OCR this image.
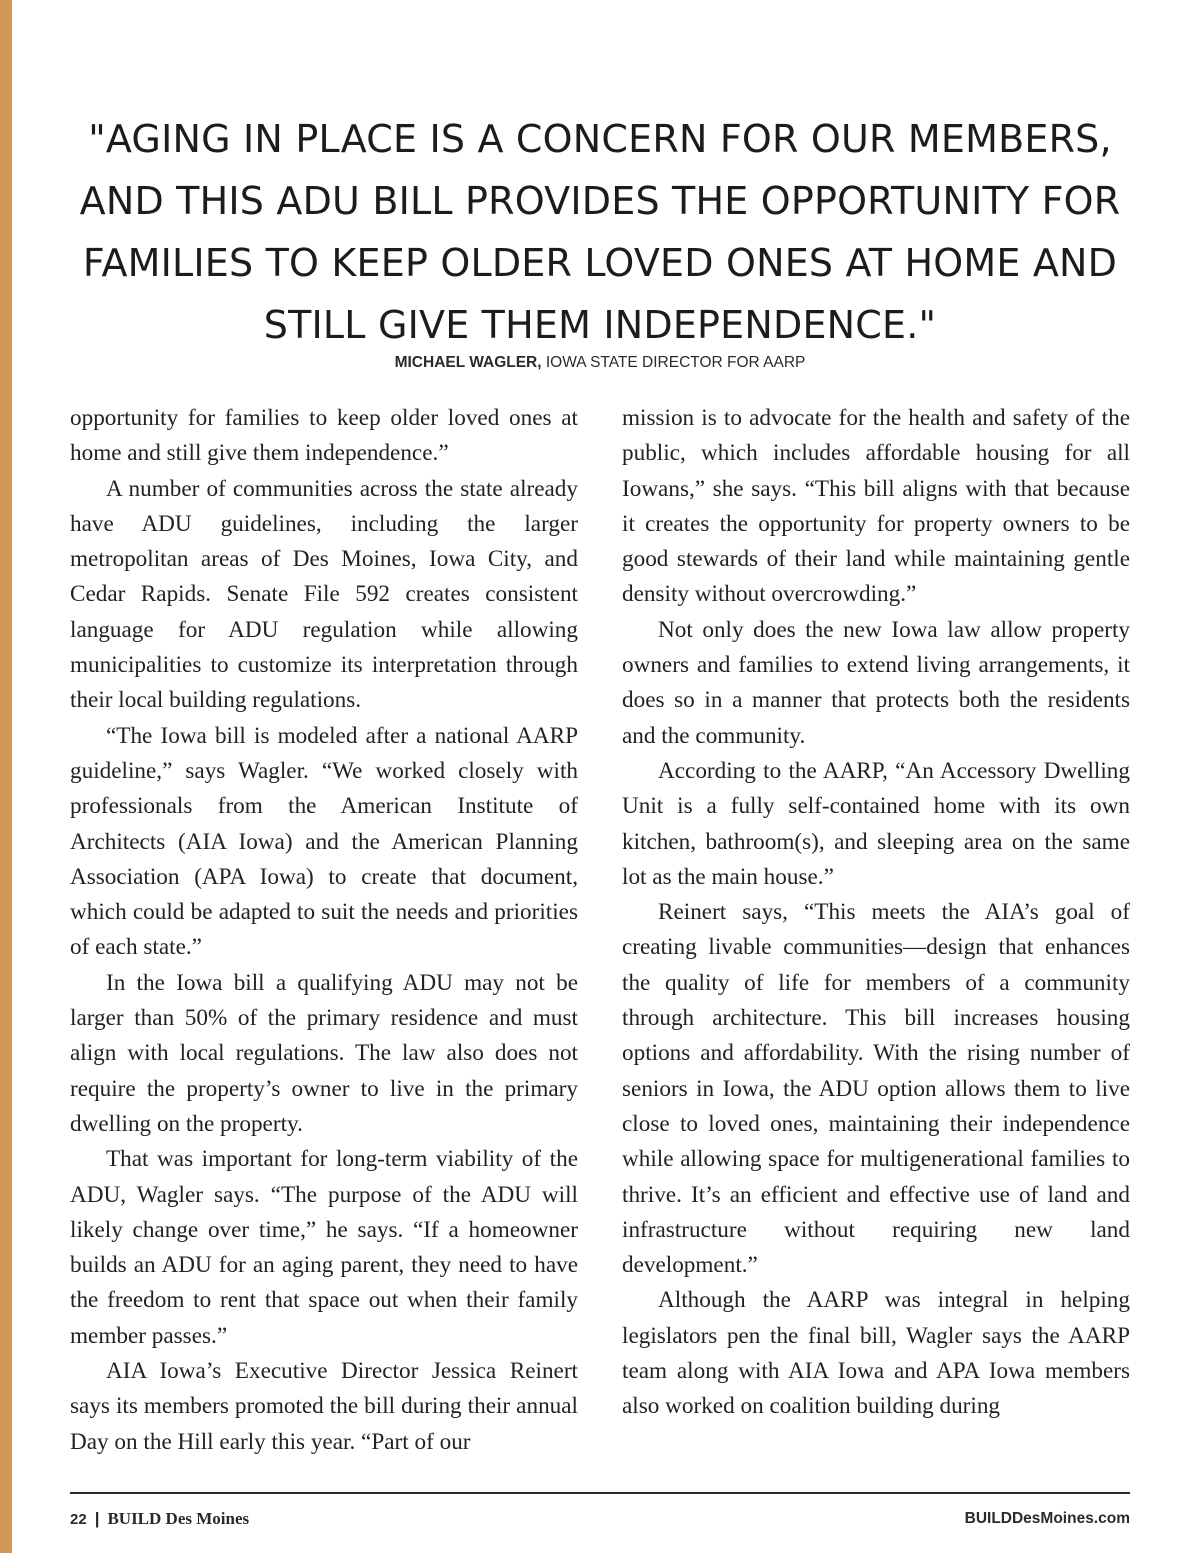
"AGING IN PLACE IS A CONCERN FOR OUR MEMBERS,
AND THIS ADU BILL PROVIDES THE OPPORTUNITY FOR
FAMILIES TO KEEP OLDER LOVED ONES AT HOME AND
STILL GIVE THEM INDEPENDENCE."
MICHAEL WAGLER, IOWA STATE DIRECTOR FOR AARP

opportunity for families to keep older loved ones at home and still give them independence.”

A number of communities across the state already have ADU guidelines, including the larger metropolitan areas of Des Moines, Iowa City, and Cedar Rapids. Senate File 592 creates consistent language for ADU regulation while allowing municipalities to customize its interpretation through their local building regulations.

“The Iowa bill is modeled after a national AARP guideline,” says Wagler. “We worked closely with professionals from the American Institute of Architects (AIA Iowa) and the American Planning Association (APA Iowa) to create that document, which could be adapted to suit the needs and priorities of each state.”

In the Iowa bill a qualifying ADU may not be larger than 50% of the primary residence and must align with local regulations. The law also does not require the property’s owner to live in the primary dwelling on the property.

That was important for long-term viability of the ADU, Wagler says. “The purpose of the ADU will likely change over time,” he says. “If a homeowner builds an ADU for an aging parent, they need to have the freedom to rent that space out when their family member passes.”

AIA Iowa’s Executive Director Jessica Reinert says its members promoted the bill during their annual Day on the Hill early this year. “Part of our

mission is to advocate for the health and safety of the public, which includes affordable housing for all Iowans,” she says. “This bill aligns with that because it creates the opportunity for property owners to be good stewards of their land while maintaining gentle density without overcrowding.”

Not only does the new Iowa law allow property owners and families to extend living arrangements, it does so in a manner that protects both the residents and the community.

According to the AARP, “An Accessory Dwelling Unit is a fully self-contained home with its own kitchen, bathroom(s), and sleeping area on the same lot as the main house.”

Reinert says, “This meets the AIA’s goal of creating livable communities—design that enhances the quality of life for members of a community through architecture. This bill increases housing options and affordability. With the rising number of seniors in Iowa, the ADU option allows them to live close to loved ones, maintaining their independence while allowing space for multigenerational families to thrive. It’s an efficient and effective use of land and infrastructure without requiring new land development.”

Although the AARP was integral in helping legislators pen the final bill, Wagler says the AARP team along with AIA Iowa and APA Iowa members also worked on coalition building during

22 | BUILD Des Moines	BUILDDesMoines.com
